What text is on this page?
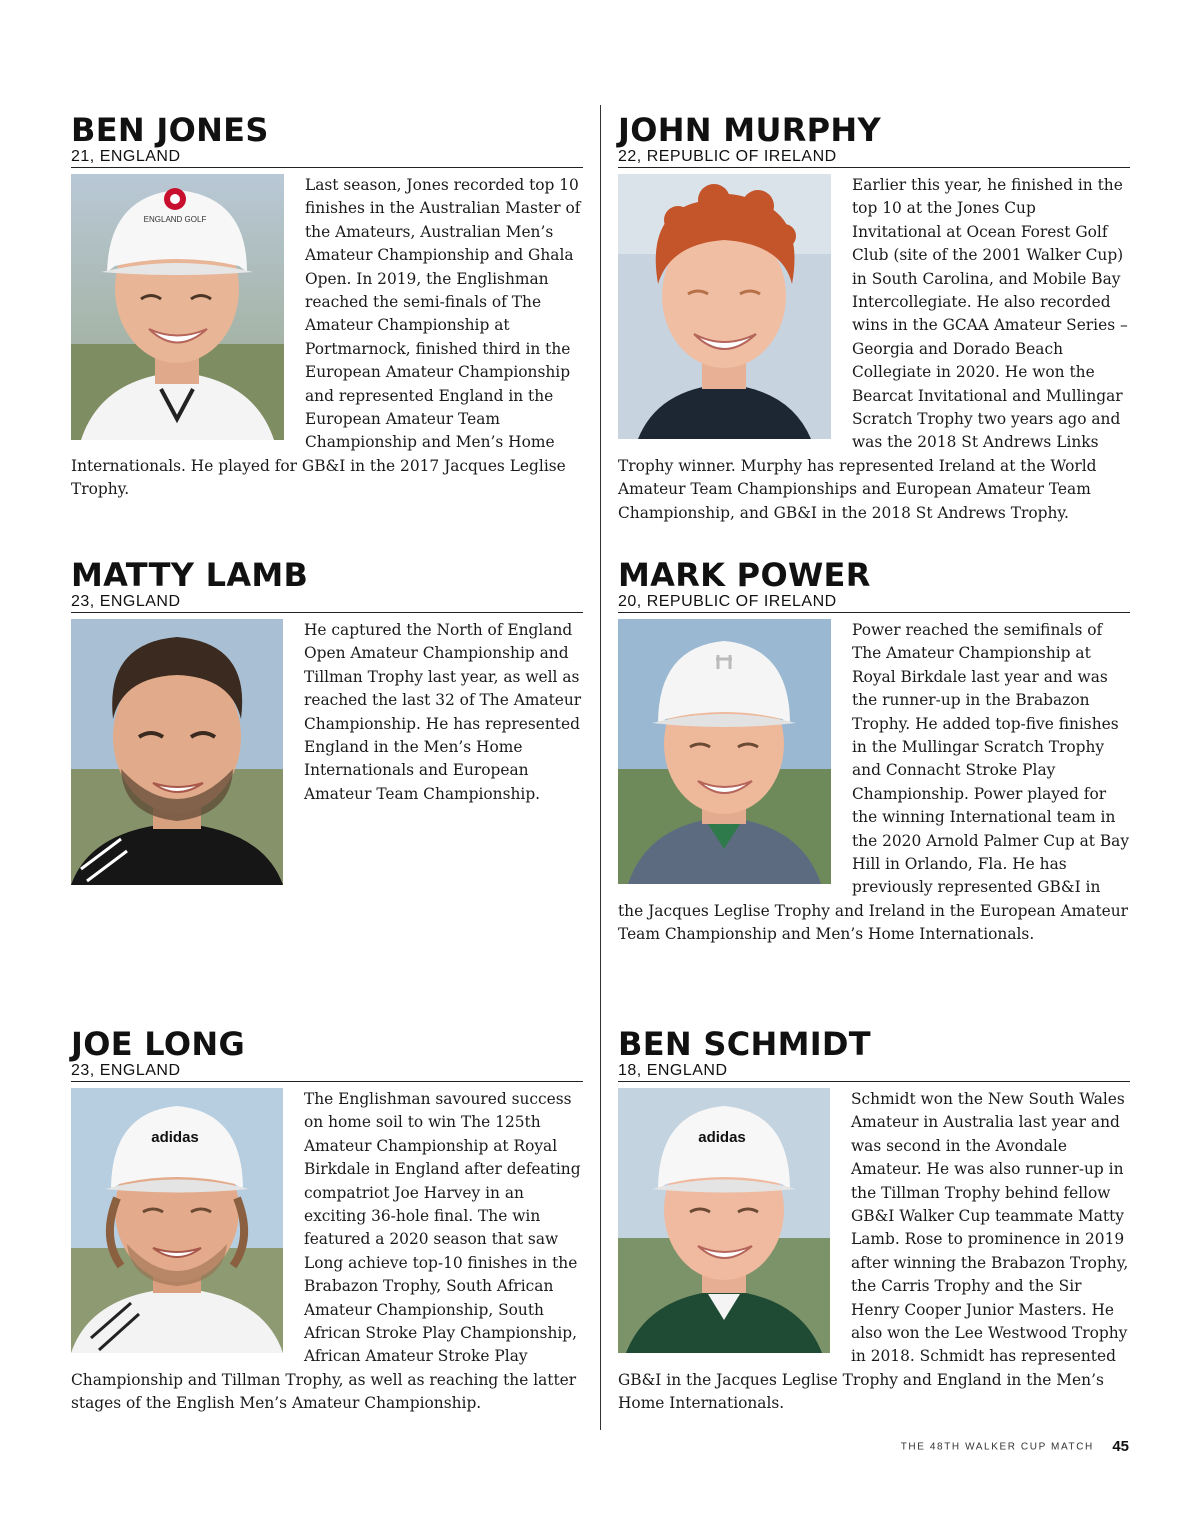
BEN JONES
21, ENGLAND
ENGLAND GOLF

Last season, Jones recorded top 10 finishes in the Australian Master of the Amateurs, Australian Men’s Amateur Championship and Ghala Open. In 2019, the Englishman reached the semi-finals of The Amateur Championship at Portmarnock, finished third in the European Amateur Championship and represented England in the European Amateur Team Championship and Men’s Home Internationals. He played for GB&I in the 2017 Jacques Leglise Trophy.

JOHN MURPHY
22, REPUBLIC OF IRELAND

Earlier this year, he finished in the top 10 at the Jones Cup Invitational at Ocean Forest Golf Club (site of the 2001 Walker Cup) in South Carolina, and Mobile Bay Intercollegiate. He also recorded wins in the GCAA Amateur Series – Georgia and Dorado Beach Collegiate in 2020. He won the Bearcat Invitational and Mullingar Scratch Trophy two years ago and was the 2018 St Andrews Links Trophy winner. Murphy has represented Ireland at the World Amateur Team Championships and European Amateur Team Championship, and GB&I in the 2018 St Andrews Trophy.

MATTY LAMB
23, ENGLAND

He captured the North of England Open Amateur Championship and Tillman Trophy last year, as well as reached the last 32 of The Amateur Championship. He has represented England in the Men’s Home Internationals and European Amateur Team Championship.

MARK POWER
20, REPUBLIC OF IRELAND

Power reached the semifinals of The Amateur Championship at Royal Birkdale last year and was the runner-up in the Brabazon Trophy. He added top-five finishes in the Mullingar Scratch Trophy and Connacht Stroke Play Championship. Power played for the winning International team in the 2020 Arnold Palmer Cup at Bay Hill in Orlando, Fla. He has previously represented GB&I in the Jacques Leglise Trophy and Ireland in the European Amateur Team Championship and Men’s Home Internationals.

JOE LONG
23, ENGLAND
adidas

The Englishman savoured success on home soil to win The 125th Amateur Championship at Royal Birkdale in England after defeating compatriot Joe Harvey in an exciting 36-hole final. The win featured a 2020 season that saw Long achieve top-10 finishes in the Brabazon Trophy, South African Amateur Championship, South African Stroke Play Championship, African Amateur Stroke Play Championship and Tillman Trophy, as well as reaching the latter stages of the English Men’s Amateur Championship.

BEN SCHMIDT
18, ENGLAND
adidas

Schmidt won the New South Wales Amateur in Australia last year and was second in the Avondale Amateur. He was also runner-up in the Tillman Trophy behind fellow GB&I Walker Cup teammate Matty Lamb. Rose to prominence in 2019 after winning the Brabazon Trophy, the Carris Trophy and the Sir Henry Cooper Junior Masters. He also won the Lee Westwood Trophy in 2018. Schmidt has represented GB&I in the Jacques Leglise Trophy and England in the Men’s Home Internationals.

THE 48TH WALKER CUP MATCH 45
